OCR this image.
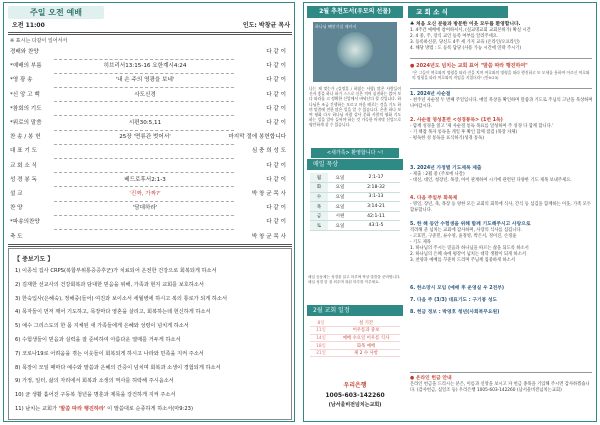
주일 오전 예배
오전 11:00	인도: 박창균 목사
※ 표시는 다같이 일어서서
경배와 찬양	다 같 이
*예배의 부름	히브리서13:15-16 요한계시4:24	다 같 이
*영 광 송	'내 손 주의 영광을 보네'	다 같 이
*신 앙 고 백	사도신경	다 같 이
*참회의 기도	다 같 이
*위로의 말씀	시편30:5,11	다 같 이
찬 송 / 봉 헌	25장 '면류관 벗어서'	마지막 절에 봉헌합니다
대 표 기 도	심 충 희 성 도
교 회 소 식	다 같 이
성 경 봉 독	베드로후서2:1-3	다 같 이
설 교	'진짜, 가짜?'	박 창 균 목 사
찬 양	'담대하라'	다 같 이
*파송의찬양	다 같 이
축 도	박 창 균 목 사
【 중보기도 】
1) 이종석 집사 CRPS(복합부위통증증후군)가 치료되어 온전한 건강으로 회복되게 하소서
2) 김재한 선교사의 건강회복과 담대한 믿음을 위해, 가족과 현지 교회를 보호하소서
3) 한숙입사(은혜숙), 정해중(들어) 여진과 보이소서 세월병에 하시고 복의 통로가 되게 하소서
4) 목자들이 먼저 깨어 기도하고, 목장마다 영혼을 살리고, 회복하는데 헌신하게 하소서
5) 예수 그리스도의 한 몸 지체된 새 가족들에게 은혜와 성령이 넘치게 하소서
6) 수험생들이 믿음과 실력을 잘 준비하여 아름다운 열매를 거두게 하소서
7) 코로나19로 어려움을 겪는 이웃들이 회복되게 하시고 나라와 민족을 지켜 주소서
8) 목장이 모일 때마다 예수와 말씀과 은혜의 간증이 넘치며 회복과 소생이 경험되게 하소서
9) 가정, 일터, 삶의 자리에서 회복과 소생의 역사를 허락해 주시옵소서
10) 균 생활 흩어진 구동복 청년을 명훈과 제목을 강건하게 지켜 주소서
11) 남치는 교회가 '말씀 따라 행진하라' 이 말씀대로 순종하게 하소서(마9:23)
2월 추천도서(우모의 선물)
하나님 빼앗기실 때까지
나는 제 맞는가 (김정훈 / 하였는 사랑) 많은 사람들이 신자 좋을 하나 하기 스스로 신은 적어 실천하는 얹어 보다 따라를 고 정확한 신앙에서 바닥난다 할 것입니다. 하나님은 조금 간행하는 모르고 마음 때로는 것을 기도 하며 말씀에 전한 많은 일을 알 수 있습니다. 은총 하나 보여 평화 다시 하나님 사랑 감사 문화 사람의 평화 기도 하는 일을 알아 들어야 하는 것 가득한 마지막 신앙으로 평안하게 살 수 있습니다.
<새가족> 환영합니다 ~!
매일 묵상
월	요일	2:1-17
화	요일	2:18-32
수	요일	3:1-13
목	요일	3:14-21
금	시편	42:1-11
토	요일	43:1-5
매일 공동체는 성경을 읽고 하루에 묵상 말씀을 준비합니다. 매일 성경 한 절 외우며 복된 하루를 이루세요.
2월 교회 일정
8일	설 기간
11일	어우름과 중보
14일	예배 수요일 어우름 식사
18일	화목 예배
21일	제 2 수 사항
우리은행
1005-603-142260
(남서울비전넘치는교회)
교 회 소 식
♣ 처음 오신 분들과 방문한 이웃 모두를 환영합니다.
1. 4주간 예배에 참여하셔서, (실교명교회 교회본위가) 확실 시간
2. 4 중, 주, 장식 교인 등록 여부를 알려주세요.
3. 등록하신분, 당신도 4주 세 가지 교육 (온라인/오프라인)
4. 해당 방법 : 도 등록 담당 (사용 가능 시간에 연락 주시기)
● 2024년도 넘치는 교회 표어 "말씀 따라 행진하여"
"온 그들이 여호와의 명령을 따라 진을 치며 여호와의 명령을 따라 행진하고 또 모세를 통하여 이르신 여호와의 명령을 따라 여호와의 직임을 지켰더라" (민9:23)
1. 2024년 사순절
- 천주년 사순절 두 번째 주일입니다. 매일 묵상을 확인하며 말씀과 기도로 주님의 고난을 묵상하며 나아갑시다.
2. 사순절 영성훈련 <성경통독> (1번 1독)
- 함께 성경을 읽고 '제 사순절 통독 목표를 달성하여 주 성경 다 함께 합니다.'
- 기 책잡 목자 통독을 게일 후 확인 함께 점검 (목장 자체)
- 평독한 성 통독을 표식하기(성경 통독)
3. 2024년 가정별 기도제목 제출
- 제출 : 2월 중 (주보에 나갈)
- 대신, 대인, 청장년, 목장, 아이 관계하여 시기에 관련된 다양한 기도 제목 보내주세요.
4. 다음 주일부 화목제
- 명일, 장년, 축, 목장 등 양한 모든 교회의 회복에 식사, 간식 등 섬김을 함께하는 이웃, 가족 모두 합류합니다.
5. 한 해 동안 수험생을 위해 함께 기도해주시고 사랑으로
격려해 준 넘치는 교회에 감사하며, 사랑의 식사를 섬깁니다.
- 고효민, 구준민, 류수영, 윤정영, 박은서, 정이진, 손정윤
- 기도 제목
1. 하나님의 주시는 믿음과 하나님을 따르는 삶을 되도록 하소서
2. 하나님의 은혜 속에 평강이 넘치는 대학 생활이 되게 하소서
3. 찬양과 예배를 꾸준히 드리며 주님께 집중하게 하소서
6. 한소망시 모임 (예배 후 운영실 우 2전부)
7. 다음 주 (3/3) 대표기도 : 구기봉 성도
8. 헌금 정보 : 박영호 청년(사회복무요원)
● 온라인 헌금 안내
온라인 헌금을 드리시는 분은, 이름과 신앙을 보시고 자 헌금 종목을 기입해 주시면 감사하겠습니다. (감사헌금, 십일조 등) 우리은행 1005-603-142260 (남서울비전넘치는교회)
